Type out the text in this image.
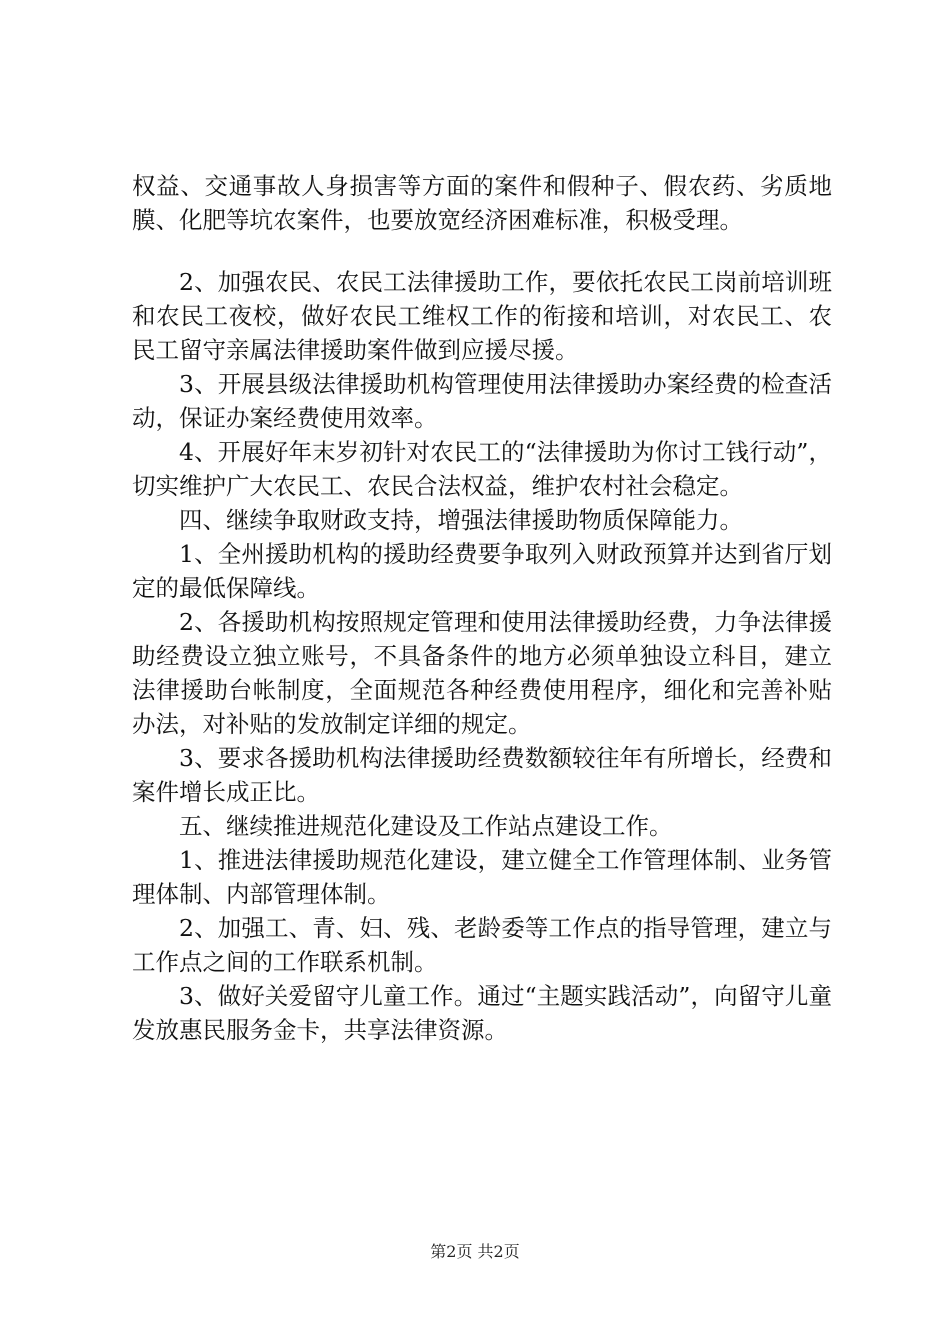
权益、交通事故人身损害等方面的案件和假种子、假农药、劣质地膜、化肥等坑农案件，也要放宽经济困难标准，积极受理。

2、加强农民、农民工法律援助工作，要依托农民工岗前培训班和农民工夜校，做好农民工维权工作的衔接和培训，对农民工、农民工留守亲属法律援助案件做到应援尽援。

3、开展县级法律援助机构管理使用法律援助办案经费的检查活动，保证办案经费使用效率。

4、开展好年末岁初针对农民工的“法律援助为你讨工钱行动”，切实维护广大农民工、农民合法权益，维护农村社会稳定。

四、继续争取财政支持，增强法律援助物质保障能力。

1、全州援助机构的援助经费要争取列入财政预算并达到省厅划定的最低保障线。

2、各援助机构按照规定管理和使用法律援助经费，力争法律援助经费设立独立账号，不具备条件的地方必须单独设立科目，建立法律援助台帐制度，全面规范各种经费使用程序，细化和完善补贴办法，对补贴的发放制定详细的规定。

3、要求各援助机构法律援助经费数额较往年有所增长，经费和案件增长成正比。

五、继续推进规范化建设及工作站点建设工作。

1、推进法律援助规范化建设，建立健全工作管理体制、业务管理体制、内部管理体制。

2、加强工、青、妇、残、老龄委等工作点的指导管理，建立与工作点之间的工作联系机制。

3、做好关爱留守儿童工作。通过“主题实践活动”，向留守儿童发放惠民服务金卡，共享法律资源。

第2页 共2页
